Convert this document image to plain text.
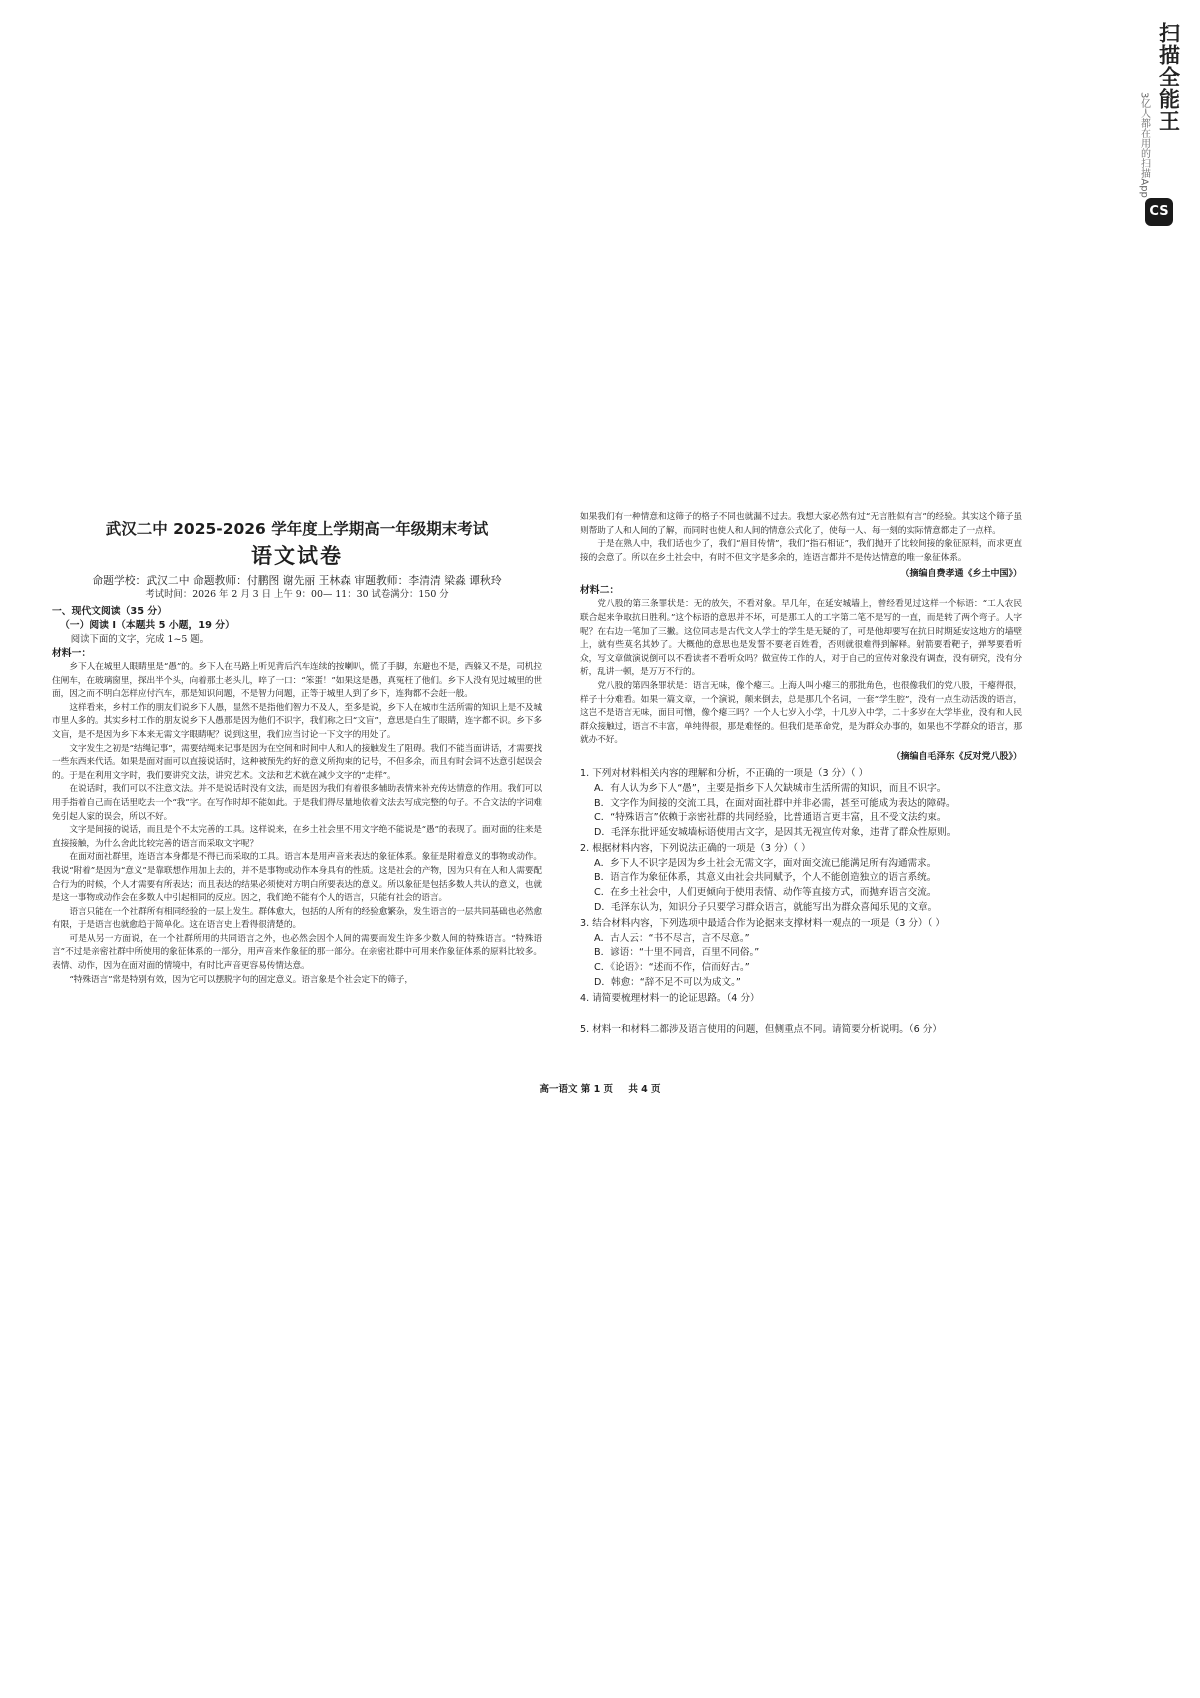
扫描全能王
3亿人都在用的扫描App
CS
武汉二中 2025-2026 学年度上学期高一年级期末考试
语文试卷
命题学校：武汉二中 命题教师：付鹏图 谢先丽 王林森 审题教师：李清清 梁淼 谭秋玲
考试时间：2026 年 2 月 3 日 上午 9：00— 11：30 试卷满分：150 分
一、现代文阅读（35 分）
（一）阅读 I（本题共 5 小题，19 分）
阅读下面的文字，完成 1~5 题。
材料一：

乡下人在城里人眼睛里是“愚”的。乡下人在马路上听见背后汽车连续的按喇叭，慌了手脚，东避也不是，西躲又不是，司机拉住闸车，在玻璃窗里，探出半个头，向着那土老头儿，啐了一口：“笨蛋！”如果这是愚，真冤枉了他们。乡下人没有见过城里的世面，因之而不明白怎样应付汽车，那是知识问题，不是智力问题，正等于城里人到了乡下，连狗都不会赶一般。

这样看来，乡村工作的朋友们说乡下人愚，显然不是指他们智力不及人，至多是说，乡下人在城市生活所需的知识上是不及城市里人多的。其实乡村工作的朋友说乡下人愚那是因为他们不识字，我们称之曰“文盲”，意思是白生了眼睛，连字都不识。乡下多文盲，是不是因为乡下本来无需文字眼睛呢？说到这里，我们应当讨论一下文字的用处了。

文字发生之初是“结绳记事”，需要结绳来记事是因为在空间和时间中人和人的接触发生了阻碍。我们不能当面讲话，才需要找一些东西来代话。如果是面对面可以直接说话时，这种被预先约好的意义所拘束的记号，不但多余，而且有时会词不达意引起误会的。于是在利用文字时，我们要讲究文法，讲究艺术。文法和艺术就在减少文字的“走样”。

在说话时，我们可以不注意文法。并不是说话时没有文法，而是因为我们有着很多辅助表情来补充传达情意的作用。我们可以用手指着自己而在话里吃去一个“我”字。在写作时却不能如此。于是我们得尽量地依着文法去写成完整的句子。不合文法的字词难免引起人家的误会，所以不好。

文字是间接的说话，而且是个不太完善的工具。这样说来，在乡土社会里不用文字绝不能说是“愚”的表现了。面对面的往来是直接接触，为什么舍此比较完善的语言而采取文字呢？

在面对面社群里，连语言本身都是不得已而采取的工具。语言本是用声音来表达的象征体系。象征是附着意义的事物或动作。我说“附着”是因为“意义”是靠联想作用加上去的，并不是事物或动作本身具有的性质。这是社会的产物，因为只有在人和人需要配合行为的时候，个人才需要有所表达；而且表达的结果必须使对方明白所要表达的意义。所以象征是包括多数人共认的意义，也就是这一事物或动作会在多数人中引起相同的反应。因之，我们绝不能有个人的语言，只能有社会的语言。

语言只能在一个社群所有相同经验的一层上发生。群体愈大，包括的人所有的经验愈繁杂，发生语言的一层共同基础也必然愈有限，于是语言也就愈趋于简单化。这在语言史上看得很清楚的。

可是从另一方面说，在一个社群所用的共同语言之外，也必然会因个人间的需要而发生许多少数人间的特殊语言。“特殊语言”不过是亲密社群中所使用的象征体系的一部分，用声音来作象征的那一部分。在亲密社群中可用来作象征体系的原料比较多。表情、动作，因为在面对面的情境中，有时比声音更容易传情达意。

“特殊语言”常是特别有效，因为它可以摆脱字句的固定意义。语言象是个社会定下的筛子，

如果我们有一种情意和这筛子的格子不同也就漏不过去。我想大家必然有过“无言胜似有言”的经验。其实这个筛子虽则帮助了人和人间的了解，而同时也使人和人间的情意公式化了，使每一人、每一刻的实际情意都走了一点样。

于是在熟人中，我们话也少了，我们“眉目传情”，我们“指石相证”，我们抛开了比较间接的象征原料，而求更直接的会意了。所以在乡土社会中，有时不但文字是多余的，连语言都并不是传达情意的唯一象征体系。

（摘编自费孝通《乡土中国》）
材料二：

党八股的第三条罪状是：无的放矢，不看对象。早几年，在延安城墙上，曾经看见过这样一个标语：“工人农民联合起来争取抗日胜利。”这个标语的意思并不坏，可是那工人的工字第二笔不是写的一直，而是转了两个弯子。人字呢？在右边一笔加了三撇。这位同志是古代文人学士的学生是无疑的了，可是他却要写在抗日时期延安这地方的墙壁上，就有些莫名其妙了。大概他的意思也是发誓不要老百姓看，否则就很难得到解释。射箭要看靶子，弹琴要看听众，写文章做演说倒可以不看读者不看听众吗？做宣传工作的人，对于自己的宣传对象没有调查，没有研究，没有分析，乱讲一顿，是万万不行的。

党八股的第四条罪状是：语言无味，像个瘪三。上海人叫小瘪三的那批角色，也很像我们的党八股，干瘪得很，样子十分难看。如果一篇文章，一个演说，颠来倒去，总是那几个名词，一套“学生腔”，没有一点生动活泼的语言，这岂不是语言无味，面目可憎，像个瘪三吗？一个人七岁入小学，十几岁入中学，二十多岁在大学毕业，没有和人民群众接触过，语言不丰富，单纯得很，那是难怪的。但我们是革命党，是为群众办事的，如果也不学群众的语言，那就办不好。

（摘编自毛泽东《反对党八股》）
1. 下列对材料相关内容的理解和分析，不正确的一项是（3 分）（ ）
A．有人认为乡下人“愚”，主要是指乡下人欠缺城市生活所需的知识，而且不识字。
B．文字作为间接的交流工具，在面对面社群中并非必需，甚至可能成为表达的障碍。
C．“特殊语言”依赖于亲密社群的共同经验，比普通语言更丰富，且不受文法约束。
D．毛泽东批评延安城墙标语使用古文字，是因其无视宣传对象，违背了群众性原则。
2. 根据材料内容，下列说法正确的一项是（3 分）（ ）
A．乡下人不识字是因为乡土社会无需文字，面对面交流已能满足所有沟通需求。
B．语言作为象征体系，其意义由社会共同赋予，个人不能创造独立的语言系统。
C．在乡土社会中，人们更倾向于使用表情、动作等直接方式，而抛弃语言交流。
D．毛泽东认为，知识分子只要学习群众语言，就能写出为群众喜闻乐见的文章。
3. 结合材料内容，下列选项中最适合作为论据来支撑材料一观点的一项是（3 分）（ ）
A．古人云：“书不尽言，言不尽意。”
B．谚语：“十里不同音，百里不同俗。”
C．《论语》：“述而不作，信而好古。”
D．韩愈：“辞不足不可以为成文。”
4. 请简要梳理材料一的论证思路。（4 分）
5. 材料一和材料二都涉及语言使用的问题，但侧重点不同。请简要分析说明。（6 分）
高一语文 第 1 页 共 4 页
